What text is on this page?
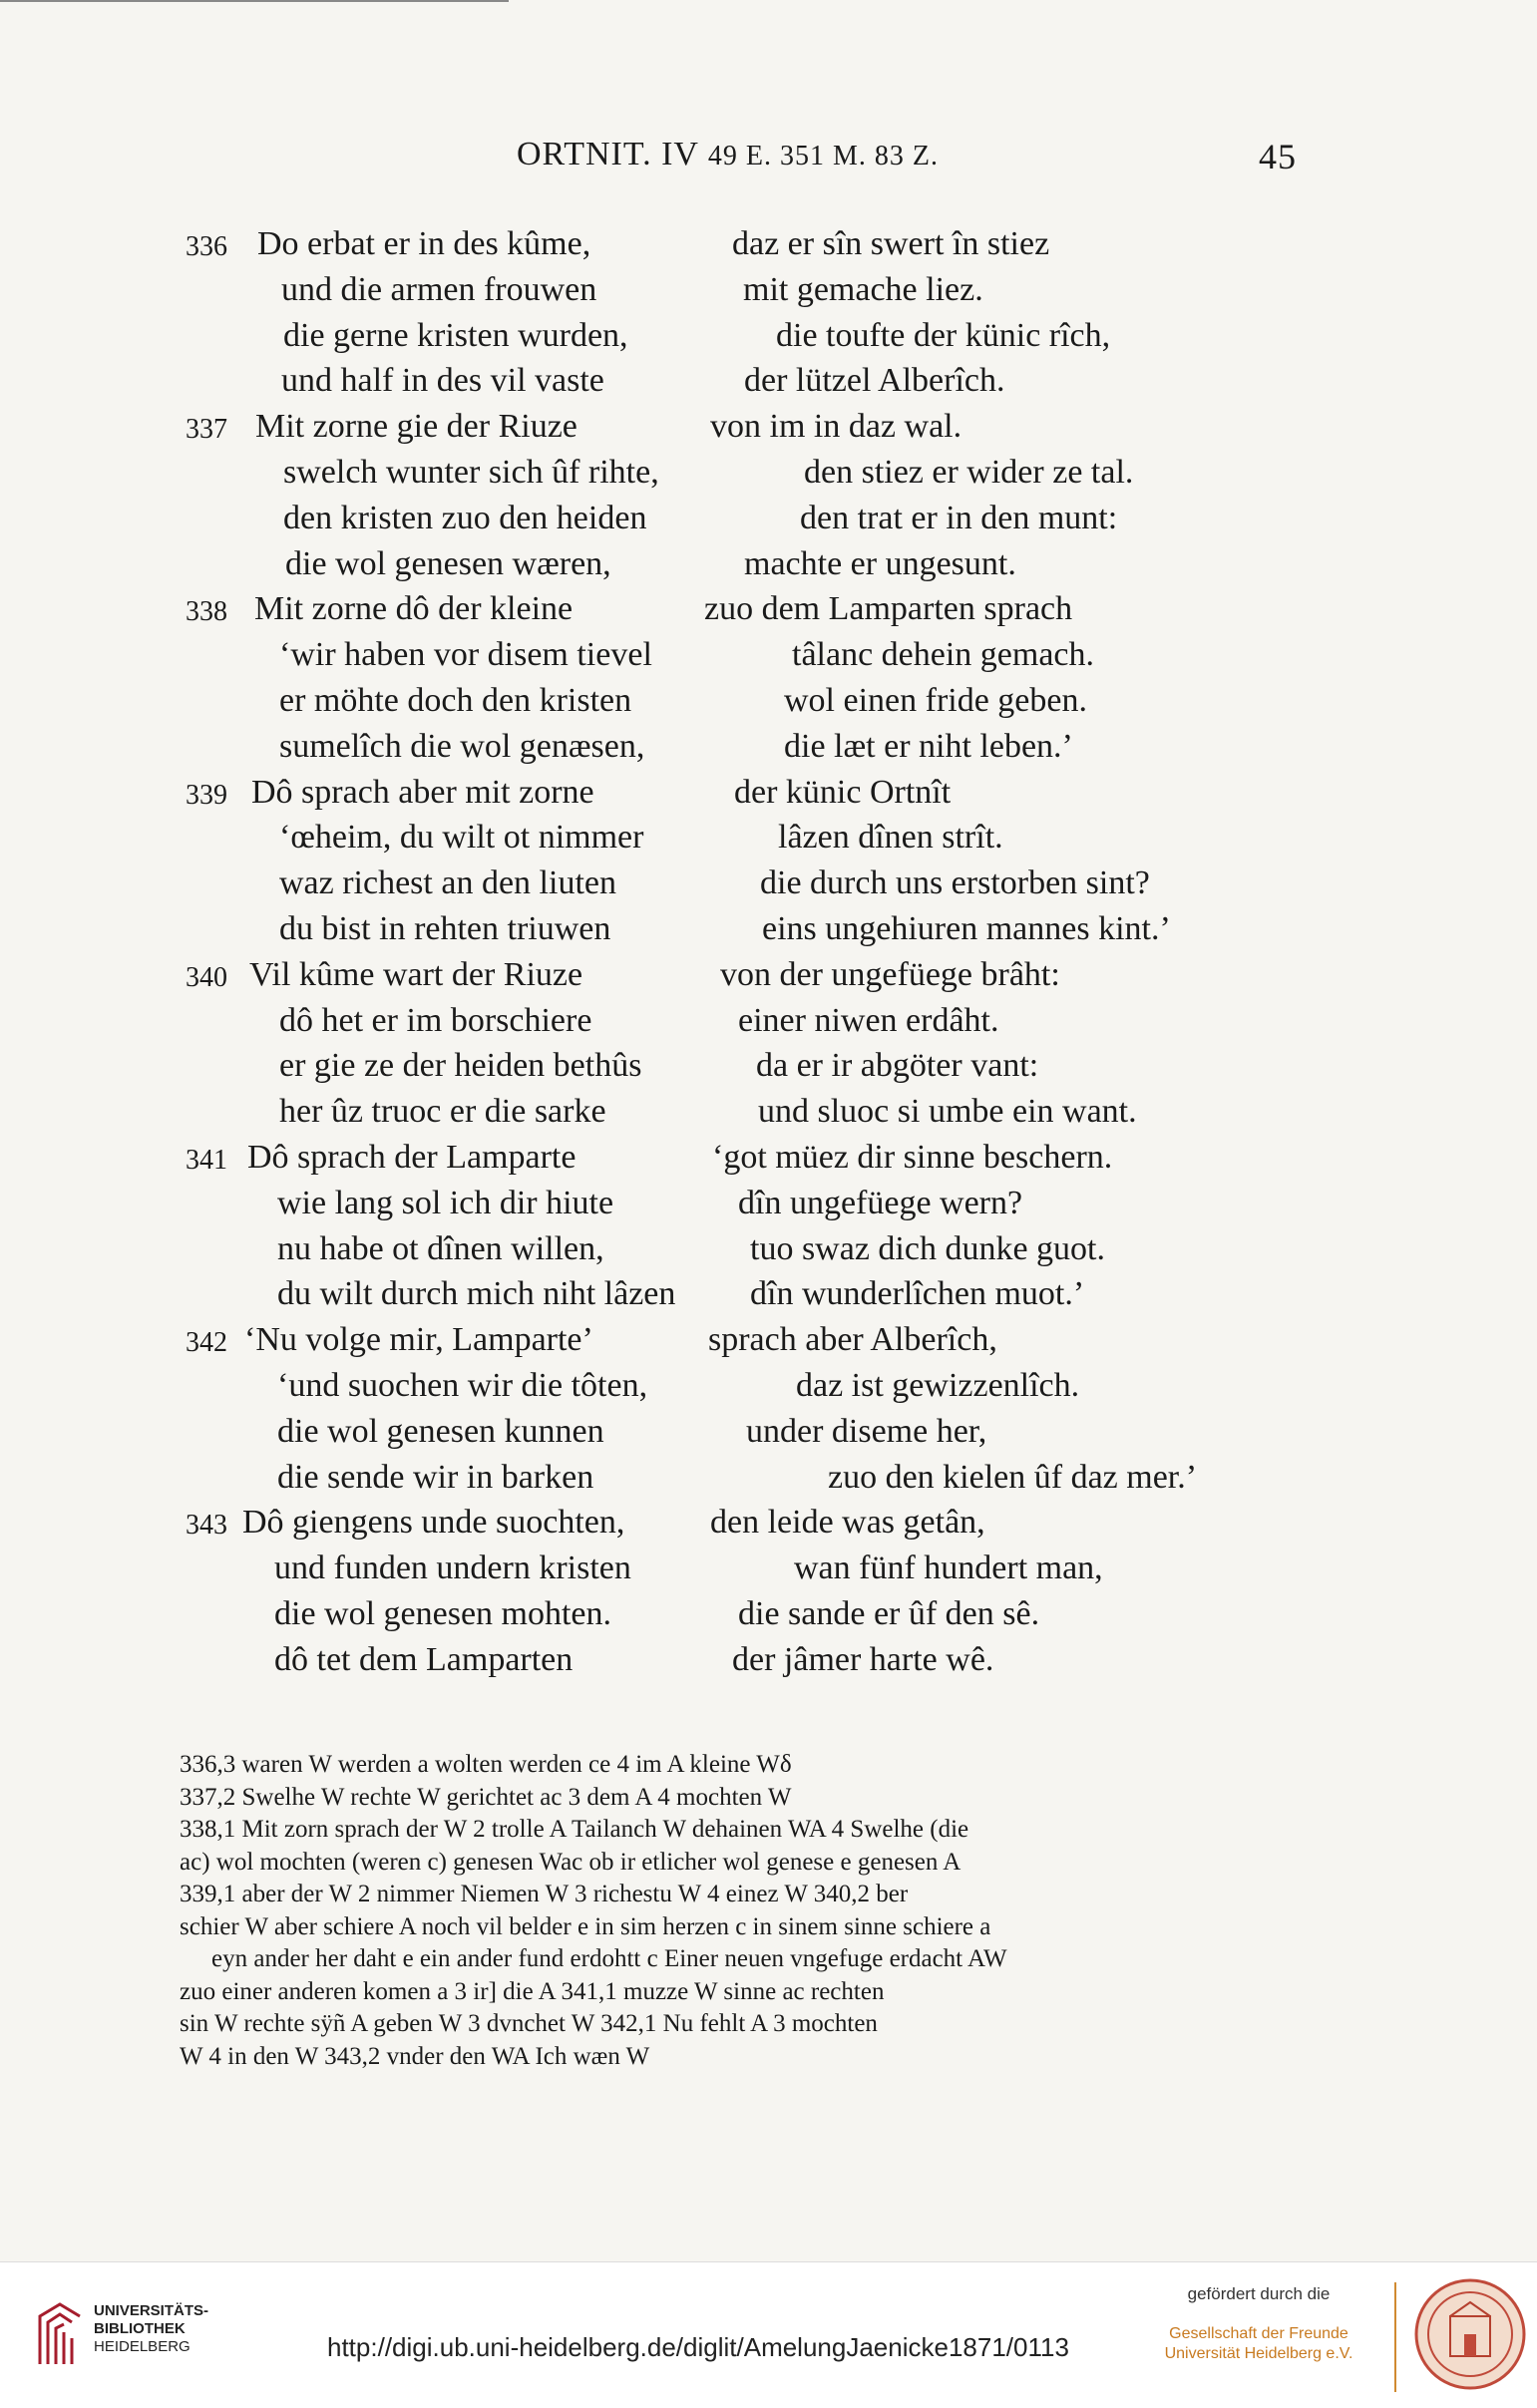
ORTNIT. IV 49 E. 351 M. 83 Z.	45
336 Do erbat er in des kûme,	daz er sîn swert în stiez
und die armen frouwen	mit gemache liez.
die gerne kristen wurden,	die toufte der künic rîch,
und half in des vil vaste	der lützel Alberîch.
337 Mit zorne gie der Riuze	von im in daz wal.
swelch wunter sich ûf rihte,	den stiez er wider ze tal.
den kristen zuo den heiden	den trat er in den munt:
die wol genesen wæren,	machte er ungesunt.
338 Mit zorne dô der kleine	zuo dem Lamparten sprach
‘wir haben vor disem tievel	tâlanc dehein gemach.
er möhte doch den kristen	wol einen fride geben.
sumelîch die wol genæsen,	die læt er niht leben.’
339 Dô sprach aber mit zorne	der künic Ortnît
‘œheim, du wilt ot nimmer	lâzen dînen strît.
waz richest an den liuten	die durch uns erstorben sint?
du bist in rehten triuwen	eins ungehiuren mannes kint.’
340 Vil kûme wart der Riuze	von der ungefüege brâht:
dô het er im borschiere	einer niwen erdâht.
er gie ze der heiden bethûs	da er ir abgöter vant:
her ûz truoc er die sarke	und sluoc si umbe ein want.
341 Dô sprach der Lamparte	‘got müez dir sinne beschern.
wie lang sol ich dir hiute	dîn ungefüege wern?
nu habe ot dînen willen,	tuo swaz dich dunke guot.
du wilt durch mich niht lâzen dîn wunderlîchen muot.’
342 ‘Nu volge mir, Lamparte’	sprach aber Alberîch,
‘und suochen wir die tôten,	daz ist gewizzenlîch.
die wol genesen kunnen	under diseme her,
die sende wir in barken	zuo den kielen ûf daz mer.’
343 Dô giengens unde suochten,	den leide was getân,
und funden undern kristen	wan fünf hundert man,
die wol genesen mohten.	die sande er ûf den sê.
dô tet dem Lamparten	der jâmer harte wê.
336,3 waren W werden a wolten werden ce 4 im A kleine Wδ
337,2 Swelhe W rechte W gerichtet ac 3 dem A 4 mochten W
338,1 Mit zorn sprach der W 2 trolle A Tailanch W dehainen WA 4 Swelhe (die
ac) wol mochten (weren c) genesen Wac ob ir etlicher wol genese e genesen A
339,1 aber der W 2 nimmer Niemen W 3 richestu W 4 einez W 340,2 ber
schier W aber schiere A noch vil belder e in sim herzen c in sinem sinne schiere a
eyn ander her daht e ein ander fund erdohtt c Einer neuen vngefuge erdacht AW
zuo einer anderen komen a 3 ir] die A 341,1 muzze W sinne ac rechten
sin W rechte sÿñ A geben W 3 dvnchet W 342,1 Nu fehlt A 3 mochten
W 4 in den W 343,2 vnder den WA Ich wæn W
UNIVERSITÄTS-
BIBLIOTHEK
HEIDELBERG	http://digi.ub.uni-heidelberg.de/diglit/AmelungJaenicke1871/0113
gefördert durch die
Gesellschaft der Freunde
Universität Heidelberg e.V.
